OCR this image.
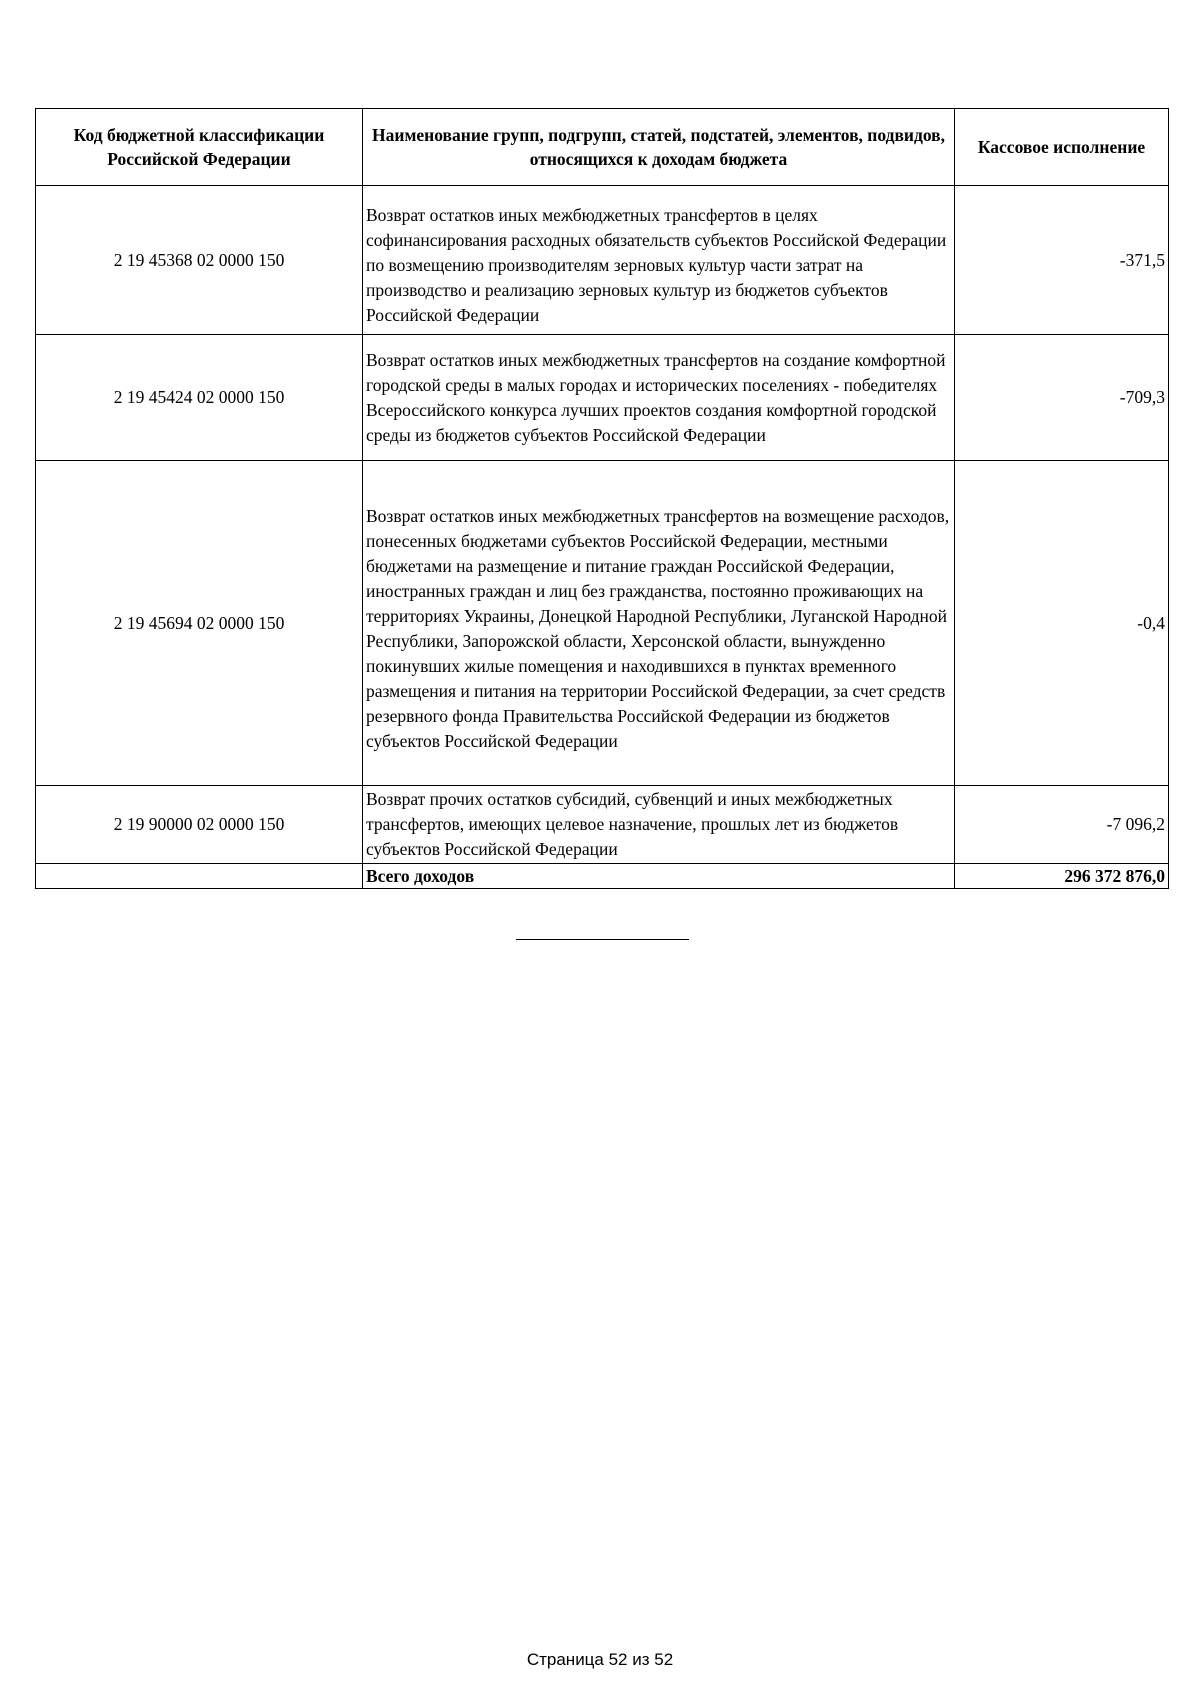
Код бюджетной классификации Российской Федерации	Наименование групп, подгрупп, статей, подстатей, элементов, подвидов, относящихся к доходам бюджета	Кассовое исполнение
2 19 45368 02 0000 150	Возврат остатков иных межбюджетных трансфертов в целях софинансирования расходных обязательств субъектов Российской Федерации по возмещению производителям зерновых культур части затрат на производство и реализацию зерновых культур из бюджетов субъектов Российской Федерации	-371,5
2 19 45424 02 0000 150	Возврат остатков иных межбюджетных трансфертов на создание комфортной городской среды в малых городах и исторических поселениях - победителях Всероссийского конкурса лучших проектов создания комфортной городской среды из бюджетов субъектов Российской Федерации	-709,3
2 19 45694 02 0000 150	Возврат остатков иных межбюджетных трансфертов на возмещение расходов, понесенных бюджетами субъектов Российской Федерации, местными бюджетами на размещение и питание граждан Российской Федерации, иностранных граждан и лиц без гражданства, постоянно проживающих на территориях Украины, Донецкой Народной Республики, Луганской Народной Республики, Запорожской области, Херсонской области, вынужденно покинувших жилые помещения и находившихся в пунктах временного размещения и питания на территории Российской Федерации, за счет средств резервного фонда Правительства Российской Федерации из бюджетов субъектов Российской Федерации	-0,4
2 19 90000 02 0000 150	Возврат прочих остатков субсидий, субвенций и иных межбюджетных трансфертов, имеющих целевое назначение, прошлых лет из бюджетов субъектов Российской Федерации	-7 096,2
	Всего доходов	296 372 876,0
Страница 52 из 52
